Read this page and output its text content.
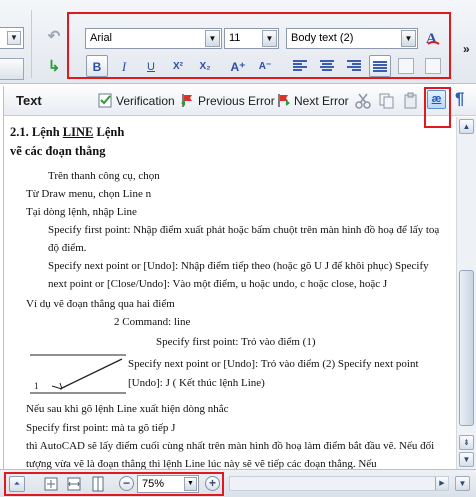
▼ ↶
↳
Arial	▼	11	▼	Body text (2)	▼ A
»
B	I	U	X²	X₂	A⁺	A⁻
Text	Verification	Previous Error	Next Error	æ ¶
2.1. Lệnh LINE Lệnh
vẽ các đoạn thẳng
Trên thanh công cụ, chọn
Từ Draw menu, chọn Line n
Tại dòng lệnh, nhập Line
Specify first point: Nhập điểm xuất phát hoặc bấm chuột trên màn hình đồ hoạ để lấy toạ
độ điểm.
Specify next point or [Undo]: Nhập điểm tiếp theo (hoặc gõ U J để khôi phục) Specify
next point or [Close/Undo]: Vào một điểm, u hoặc undo, c hoặc close, hoặc J
Ví dụ vẽ đoạn thẳng qua hai điểm
2 Command: line
Specify first point: Trỏ vào điểm (1)
Specify next point or [Undo]: Trỏ vào điểm (2) Specify next point
[Undo]: J ( Kết thúc lệnh Line)
1
Nếu sau khi gõ lệnh Line xuất hiện dòng nhắc
Specify first point: mà ta gõ tiếp J
thì AutoCAD sẽ lấy điểm cuối cùng nhất trên màn hình đồ hoạ làm điểm bắt đầu vẽ. Nếu đối
tượng vừa vẽ là đoạn thẳng thì lệnh Line lúc này sẽ vẽ tiếp các đoạn thẳng. Nếu
▲
⇟
▼
⏶	−	75%	▼	+	▶	▼
